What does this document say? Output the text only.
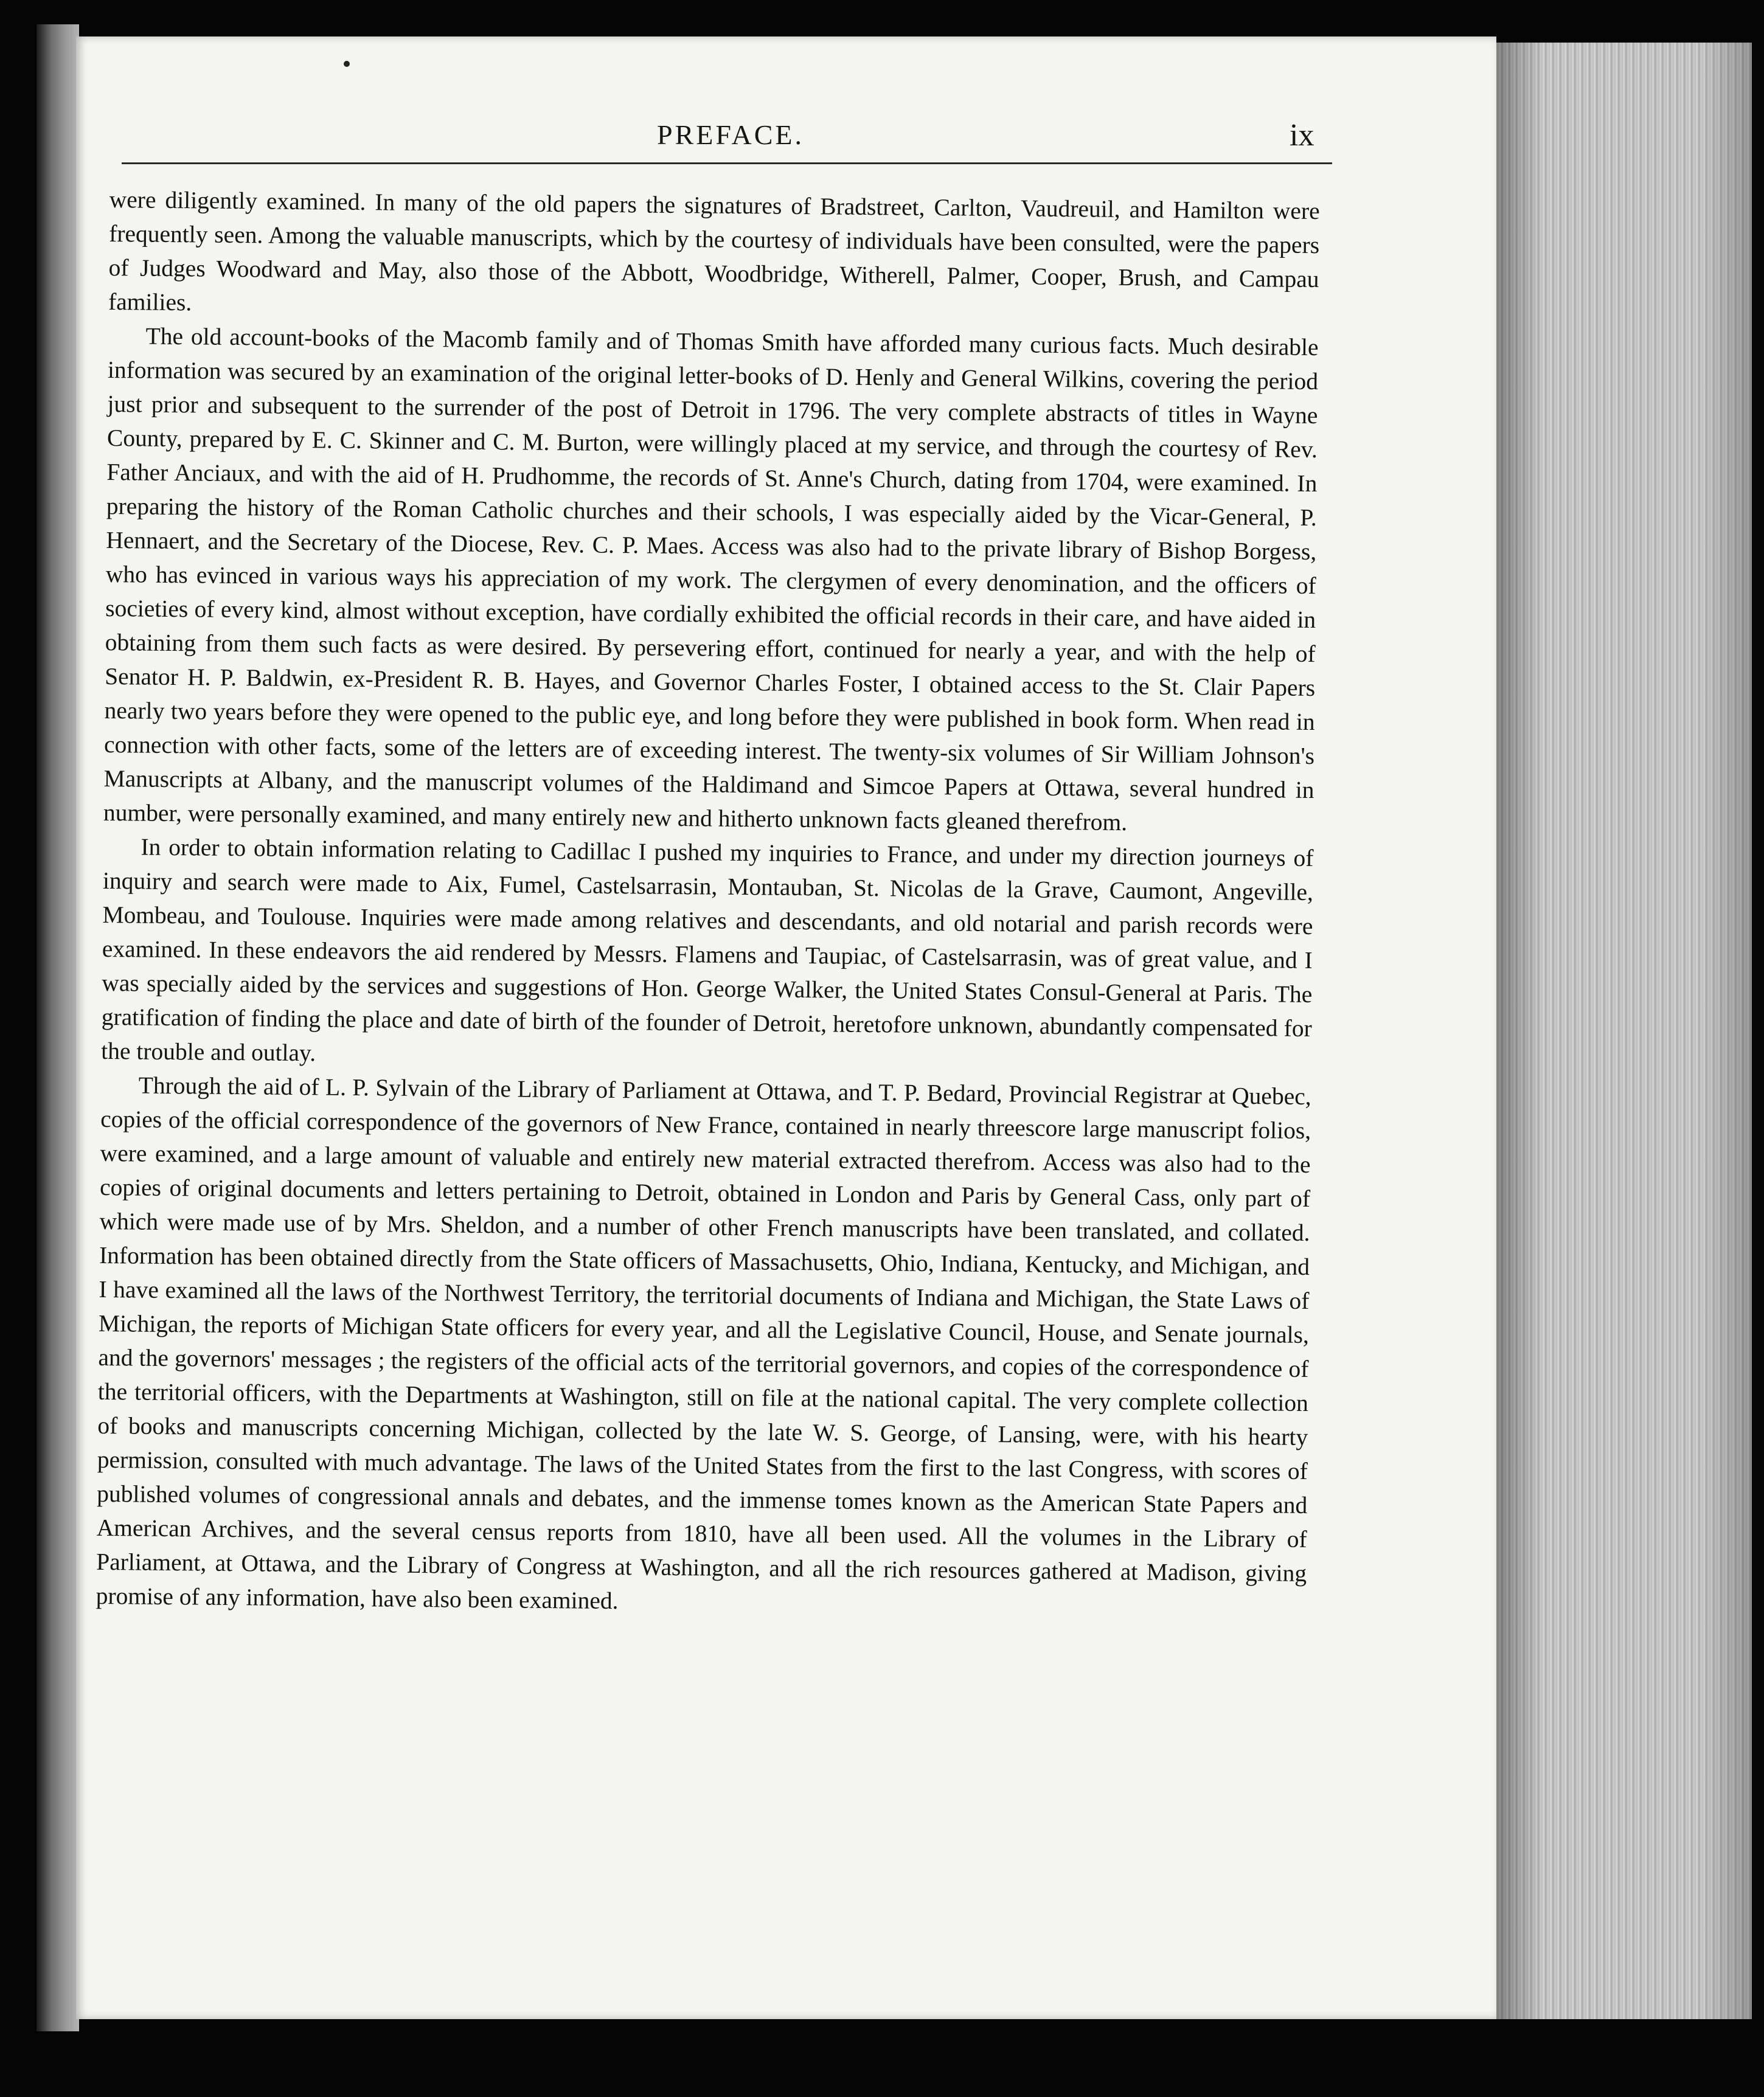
PREFACE.	ix

were diligently examined. In many of the old papers the signatures of Bradstreet, Carlton, Vaudreuil, and Hamilton were frequently seen. Among the valuable manuscripts, which by the courtesy of individuals have been consulted, were the papers of Judges Woodward and May, also those of the Abbott, Woodbridge, Witherell, Palmer, Cooper, Brush, and Campau families.

The old account-books of the Macomb family and of Thomas Smith have afforded many curious facts. Much desirable information was secured by an examination of the original letter-books of D. Henly and General Wilkins, covering the period just prior and subsequent to the surrender of the post of Detroit in 1796. The very complete abstracts of titles in Wayne County, prepared by E. C. Skinner and C. M. Burton, were willingly placed at my service, and through the courtesy of Rev. Father Anciaux, and with the aid of H. Prudhomme, the records of St. Anne's Church, dating from 1704, were examined. In preparing the history of the Roman Catholic churches and their schools, I was especially aided by the Vicar-General, P. Hennaert, and the Secretary of the Diocese, Rev. C. P. Maes. Access was also had to the private library of Bishop Borgess, who has evinced in various ways his appreciation of my work. The clergymen of every denomination, and the officers of societies of every kind, almost without exception, have cordially exhibited the official records in their care, and have aided in obtaining from them such facts as were desired. By persevering effort, continued for nearly a year, and with the help of Senator H. P. Baldwin, ex-President R. B. Hayes, and Governor Charles Foster, I obtained access to the St. Clair Papers nearly two years before they were opened to the public eye, and long before they were published in book form. When read in connection with other facts, some of the letters are of exceeding interest. The twenty-six volumes of Sir William Johnson's Manuscripts at Albany, and the manuscript volumes of the Haldimand and Simcoe Papers at Ottawa, several hundred in number, were personally examined, and many entirely new and hitherto unknown facts gleaned therefrom.

In order to obtain information relating to Cadillac I pushed my inquiries to France, and under my direction journeys of inquiry and search were made to Aix, Fumel, Castelsarrasin, Montauban, St. Nicolas de la Grave, Caumont, Angeville, Mombeau, and Toulouse. Inquiries were made among relatives and descendants, and old notarial and parish records were examined. In these endeavors the aid rendered by Messrs. Flamens and Taupiac, of Castelsarrasin, was of great value, and I was specially aided by the services and suggestions of Hon. George Walker, the United States Consul-General at Paris. The gratification of finding the place and date of birth of the founder of Detroit, heretofore unknown, abundantly compensated for the trouble and outlay.

Through the aid of L. P. Sylvain of the Library of Parliament at Ottawa, and T. P. Bedard, Provincial Registrar at Quebec, copies of the official correspondence of the governors of New France, contained in nearly threescore large manuscript folios, were examined, and a large amount of valuable and entirely new material extracted therefrom. Access was also had to the copies of original documents and letters pertaining to Detroit, obtained in London and Paris by General Cass, only part of which were made use of by Mrs. Sheldon, and a number of other French manuscripts have been translated, and collated. Information has been obtained directly from the State officers of Massachusetts, Ohio, Indiana, Kentucky, and Michigan, and I have examined all the laws of the Northwest Territory, the territorial documents of Indiana and Michigan, the State Laws of Michigan, the reports of Michigan State officers for every year, and all the Legislative Council, House, and Senate journals, and the governors' messages ; the registers of the official acts of the territorial governors, and copies of the correspondence of the territorial officers, with the Departments at Washington, still on file at the national capital. The very complete collection of books and manuscripts concerning Michigan, collected by the late W. S. George, of Lansing, were, with his hearty permission, consulted with much advantage. The laws of the United States from the first to the last Congress, with scores of published volumes of congressional annals and debates, and the immense tomes known as the American State Papers and American Archives, and the several census reports from 1810, have all been used. All the volumes in the Library of Parliament, at Ottawa, and the Library of Congress at Washington, and all the rich resources gathered at Madison, giving promise of any information, have also been examined.
